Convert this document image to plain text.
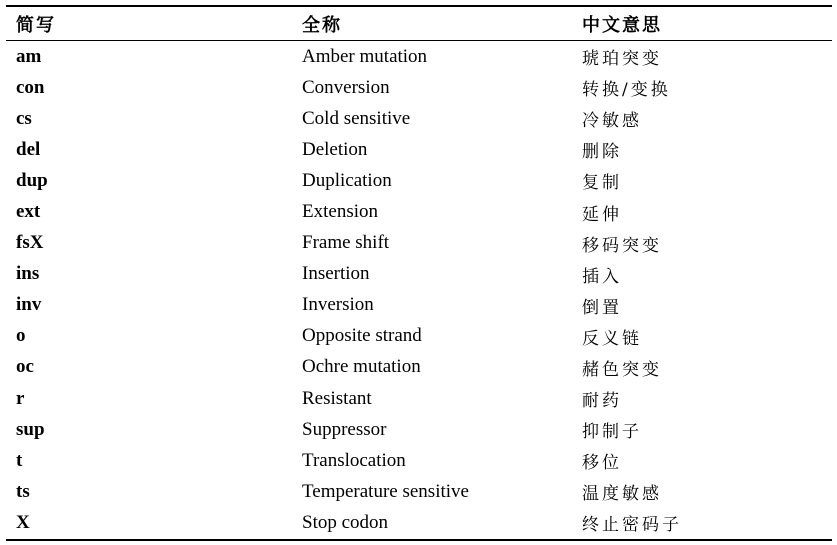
简写	全称	中文意思
am	Amber mutation	琥珀突变
con	Conversion	转换/变换
cs	Cold sensitive	冷敏感
del	Deletion	删除
dup	Duplication	复制
ext	Extension	延伸
fsX	Frame shift	移码突变
ins	Insertion	插入
inv	Inversion	倒置
o	Opposite strand	反义链
oc	Ochre mutation	赭色突变
r	Resistant	耐药
sup	Suppressor	抑制子
t	Translocation	移位
ts	Temperature sensitive	温度敏感
X	Stop codon	终止密码子
